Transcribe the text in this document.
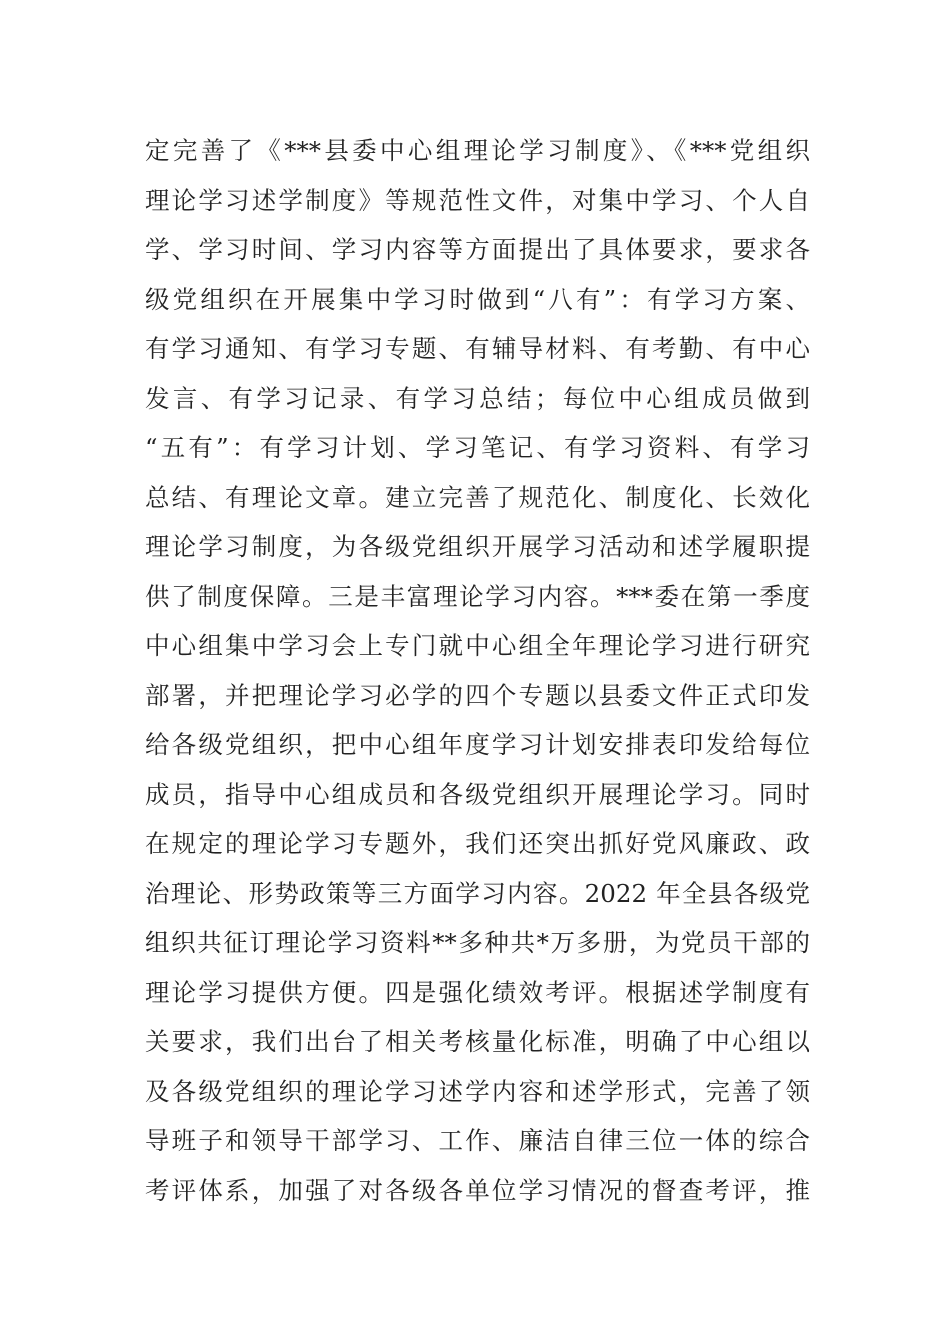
定完善了《***县委中心组理论学习制度》、《***党组织
理论学习述学制度》等规范性文件，对集中学习、个人自
学、学习时间、学习内容等方面提出了具体要求，要求各
级党组织在开展集中学习时做到“八有”：有学习方案、
有学习通知、有学习专题、有辅导材料、有考勤、有中心
发言、有学习记录、有学习总结；每位中心组成员做到
“五有”：有学习计划、学习笔记、有学习资料、有学习
总结、有理论文章。建立完善了规范化、制度化、长效化
理论学习制度，为各级党组织开展学习活动和述学履职提
供了制度保障。三是丰富理论学习内容。***委在第一季度
中心组集中学习会上专门就中心组全年理论学习进行研究
部署，并把理论学习必学的四个专题以县委文件正式印发
给各级党组织，把中心组年度学习计划安排表印发给每位
成员，指导中心组成员和各级党组织开展理论学习。同时
在规定的理论学习专题外，我们还突出抓好党风廉政、政
治理论、形势政策等三方面学习内容。2022 年全县各级党
组织共征订理论学习资料**多种共*万多册，为党员干部的
理论学习提供方便。四是强化绩效考评。根据述学制度有
关要求，我们出台了相关考核量化标准，明确了中心组以
及各级党组织的理论学习述学内容和述学形式，完善了领
导班子和领导干部学习、工作、廉洁自律三位一体的综合
考评体系，加强了对各级各单位学习情况的督查考评，推
